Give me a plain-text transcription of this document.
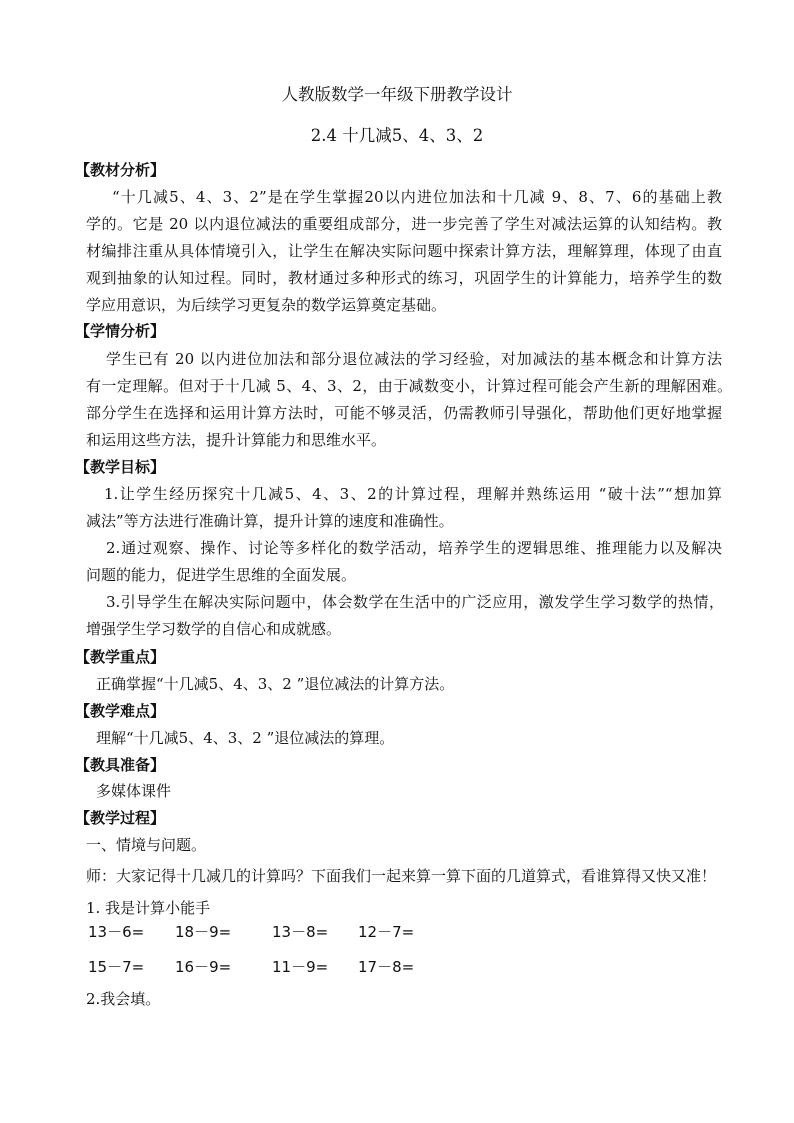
人教版数学一年级下册教学设计
2.4 十几减5、4、3、2
【教材分析】
“十几减5、4、3、2”是在学生掌握20以内进位加法和十几减 9、8、7、6的基础上教
学的。它是 20 以内退位减法的重要组成部分，进一步完善了学生对减法运算的认知结构。教
材编排注重从具体情境引入，让学生在解决实际问题中探索计算方法，理解算理，体现了由直
观到抽象的认知过程。同时，教材通过多种形式的练习，巩固学生的计算能力，培养学生的数
学应用意识，为后续学习更复杂的数学运算奠定基础。
【学情分析】
学生已有 20 以内进位加法和部分退位减法的学习经验，对加减法的基本概念和计算方法
有一定理解。但对于十几减 5、4、3、2，由于减数变小，计算过程可能会产生新的理解困难。
部分学生在选择和运用计算方法时，可能不够灵活，仍需教师引导强化，帮助他们更好地掌握
和运用这些方法，提升计算能力和思维水平。
【教学目标】
1.让学生经历探究十几减5、4、3、2的计算过程，理解并熟练运用 “破十法”“想加算
减法”等方法进行准确计算，提升计算的速度和准确性。
2.通过观察、操作、讨论等多样化的数学活动，培养学生的逻辑思维、推理能力以及解决
问题的能力，促进学生思维的全面发展。
3.引导学生在解决实际问题中，体会数学在生活中的广泛应用，激发学生学习数学的热情，
增强学生学习数学的自信心和成就感。
【教学重点】
正确掌握“十几减5、4、3、2 ”退位减法的计算方法。
【教学难点】
理解“十几减5、4、3、2 ”退位减法的算理。
【教具准备】
多媒体课件
【教学过程】
一、情境与问题。
师：大家记得十几减几的计算吗？下面我们一起来算一算下面的几道算式，看谁算得又快又准！
1. 我是计算小能手
13－6= 18－9=	13－8= 12－7=
15－7= 16－9=	11－9= 17－8=
2.我会填。
